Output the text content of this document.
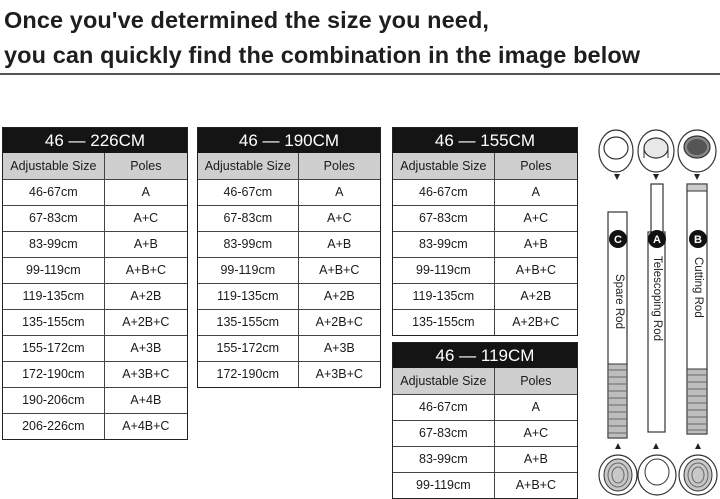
Once you've determined the size you need,
you can quickly find the combination in the image below
46 — 226CM
Adjustable Size	Poles
46-67cm	A
67-83cm	A+C
83-99cm	A+B
99-119cm	A+B+C
119-135cm	A+2B
135-155cm	A+2B+C
155-172cm	A+3B
172-190cm	A+3B+C
190-206cm	A+4B
206-226cm	A+4B+C
46 — 190CM
Adjustable Size	Poles
46-67cm	A
67-83cm	A+C
83-99cm	A+B
99-119cm	A+B+C
119-135cm	A+2B
135-155cm	A+2B+C
155-172cm	A+3B
172-190cm	A+3B+C
46 — 155CM
Adjustable Size	Poles
46-67cm	A
67-83cm	A+C
83-99cm	A+B
99-119cm	A+B+C
119-135cm	A+2B
135-155cm	A+2B+C
46 — 119CM
Adjustable Size	Poles
46-67cm	A
67-83cm	A+C
83-99cm	A+B
99-119cm	A+B+C
C
Spare Rod
A
Telescoping Rod
B
Cutting Rod
